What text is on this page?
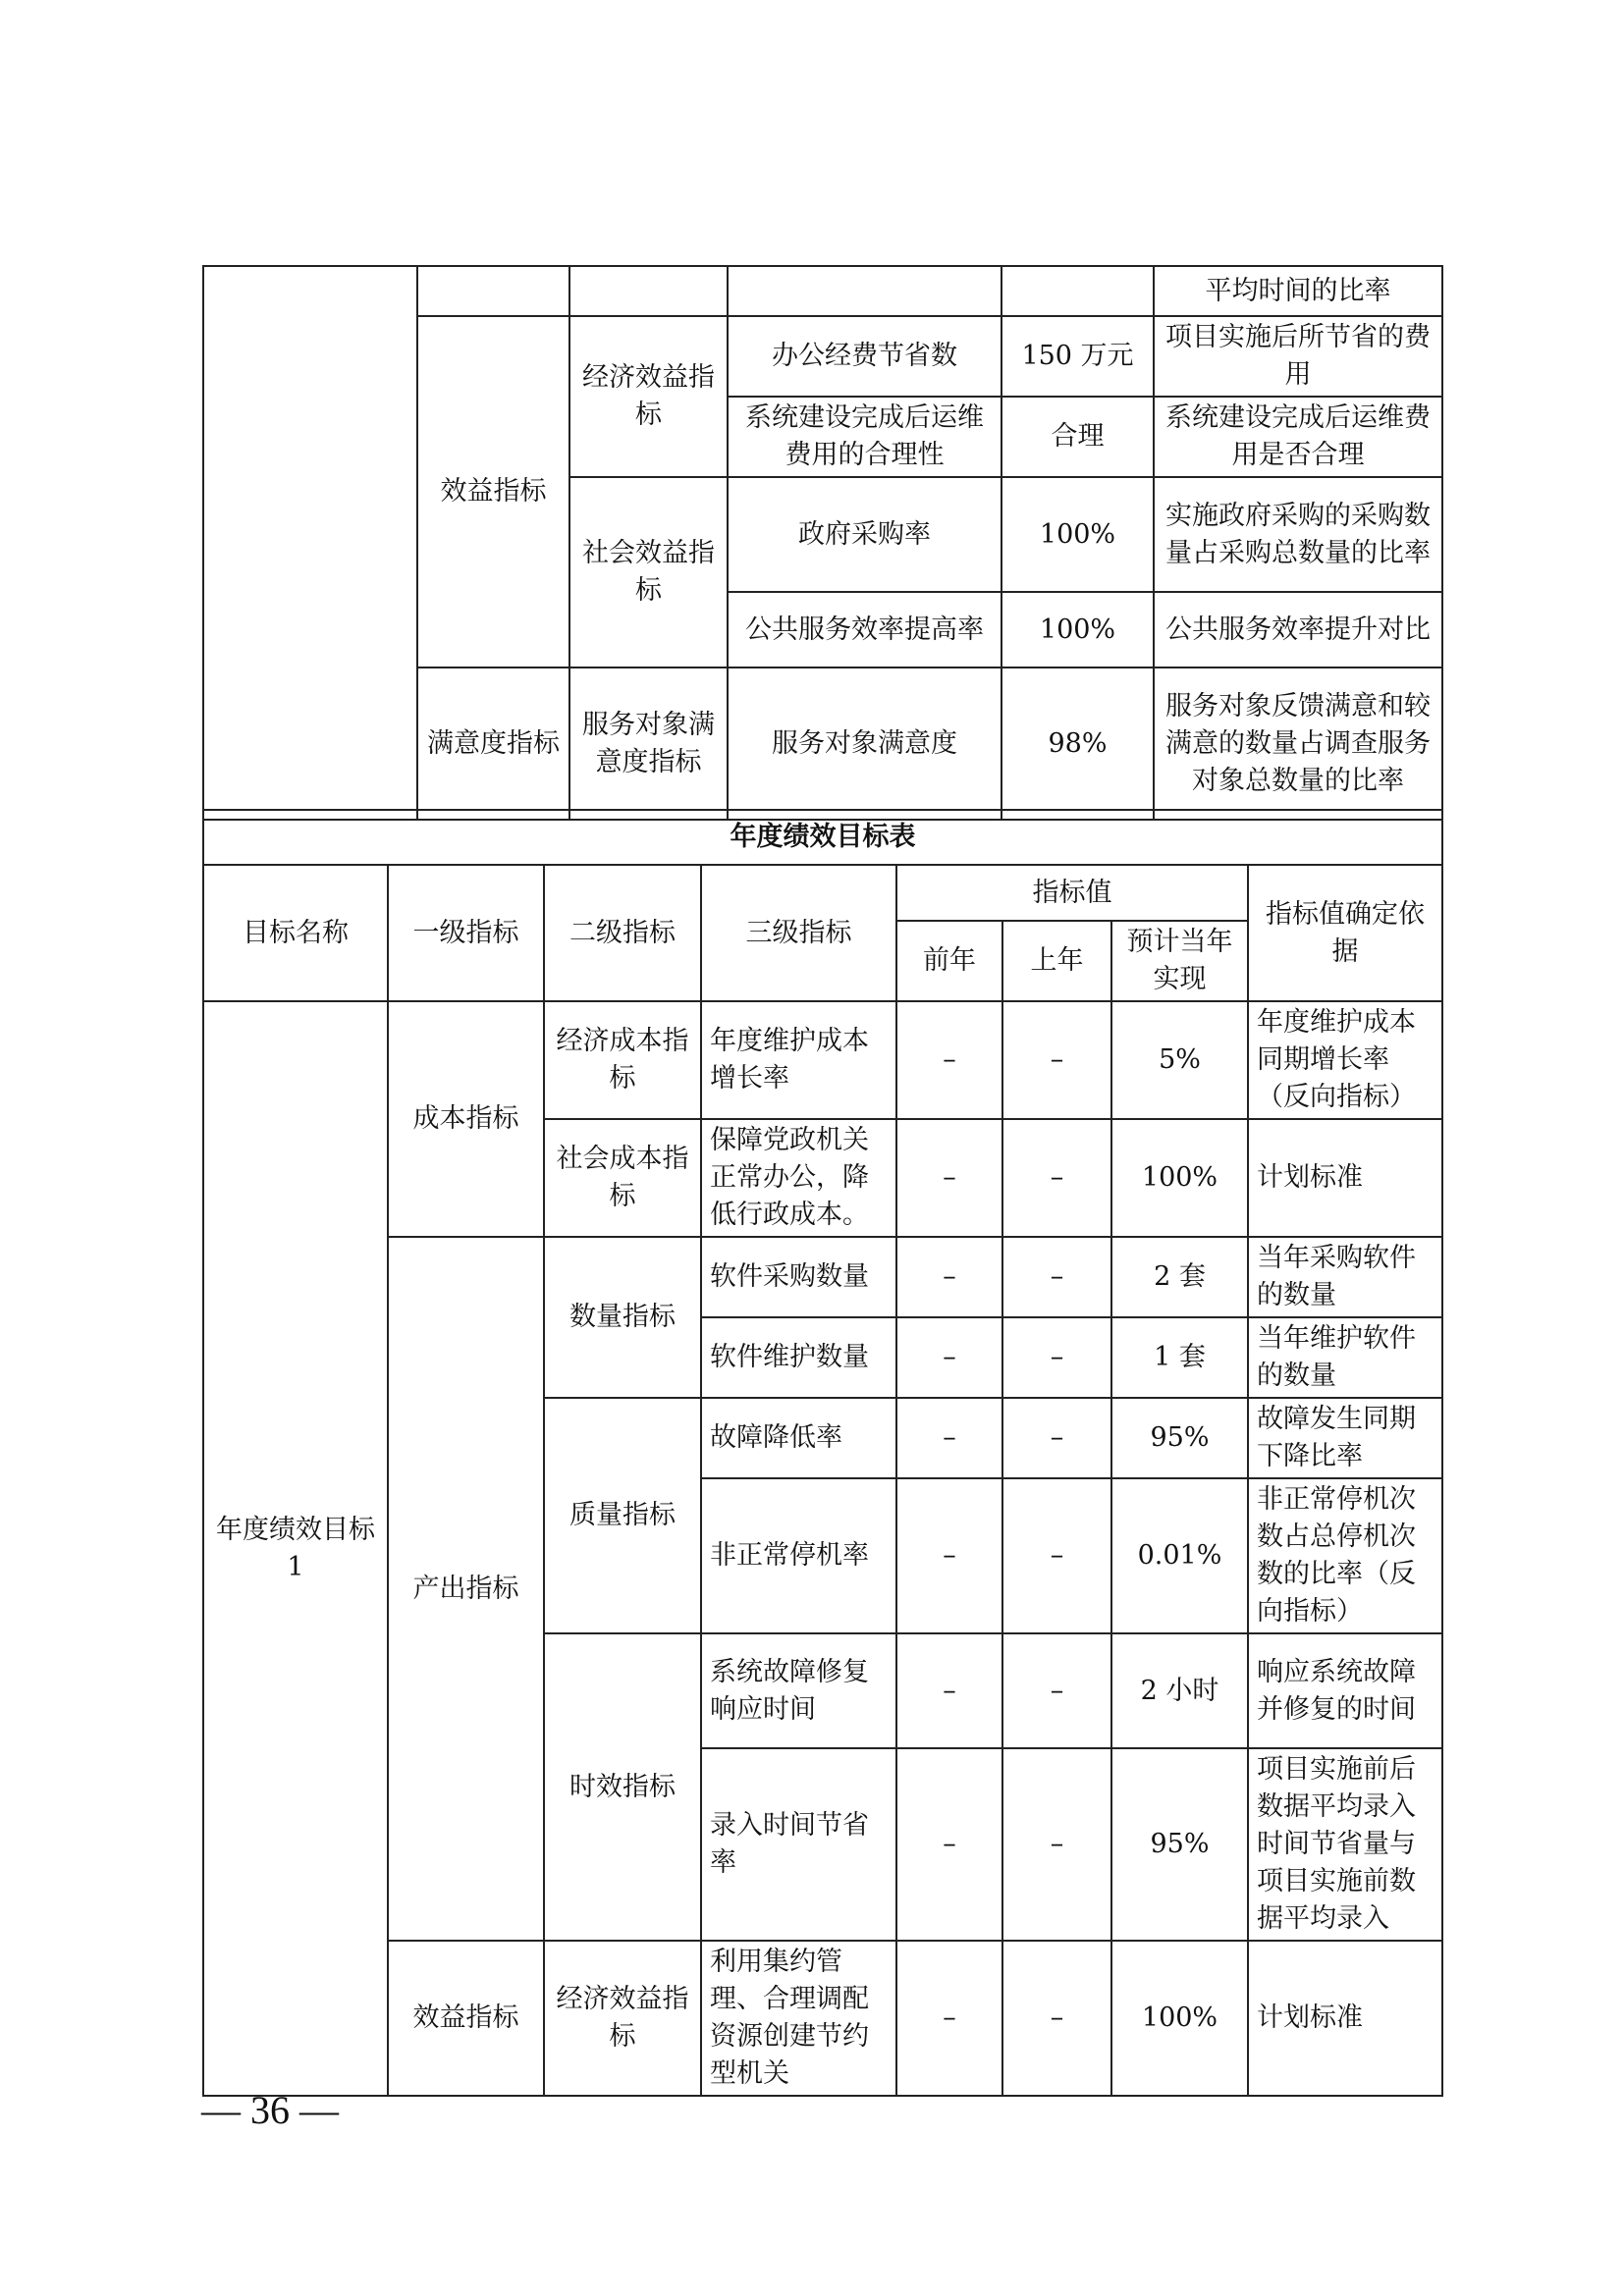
					平均时间的比率
	效益指标	经济效益指标	办公经费节省数	150 万元	项目实施后所节省的费用
			系统建设完成后运维费用的合理性	合理	系统建设完成后运维费用是否合理
		社会效益指标	政府采购率	100%	实施政府采购的采购数量占采购总数量的比率
			公共服务效率提高率	100%	公共服务效率提升对比
	满意度指标	服务对象满意度指标	服务对象满意度	98%	服务对象反馈满意和较满意的数量占调查服务对象总数量的比率
年度绩效目标表							
目标名称	一级指标	二级指标	三级指标	指标值			指标值确定依据
				前年	上年	预计当年实现	
年度绩效目标 1	成本指标	经济成本指标	年度维护成本增长率	–	–	5%	年度维护成本同期增长率（反向指标）
		社会成本指标	保障党政机关正常办公，降低行政成本。	–	–	100%	计划标准
	产出指标	数量指标	软件采购数量	–	–	2 套	当年采购软件的数量
			软件维护数量	–	–	1 套	当年维护软件的数量
		质量指标	故障降低率	–	–	95%	故障发生同期下降比率
			非正常停机率	–	–	0.01%	非正常停机次数占总停机次数的比率（反向指标）
		时效指标	系统故障修复响应时间	–	–	2 小时	响应系统故障并修复的时间
			录入时间节省率	–	–	95%	项目实施前后数据平均录入时间节省量与项目实施前数据平均录入
	效益指标	经济效益指标	利用集约管理、合理调配资源创建节约型机关	–	–	100%	计划标准
— 36 —
